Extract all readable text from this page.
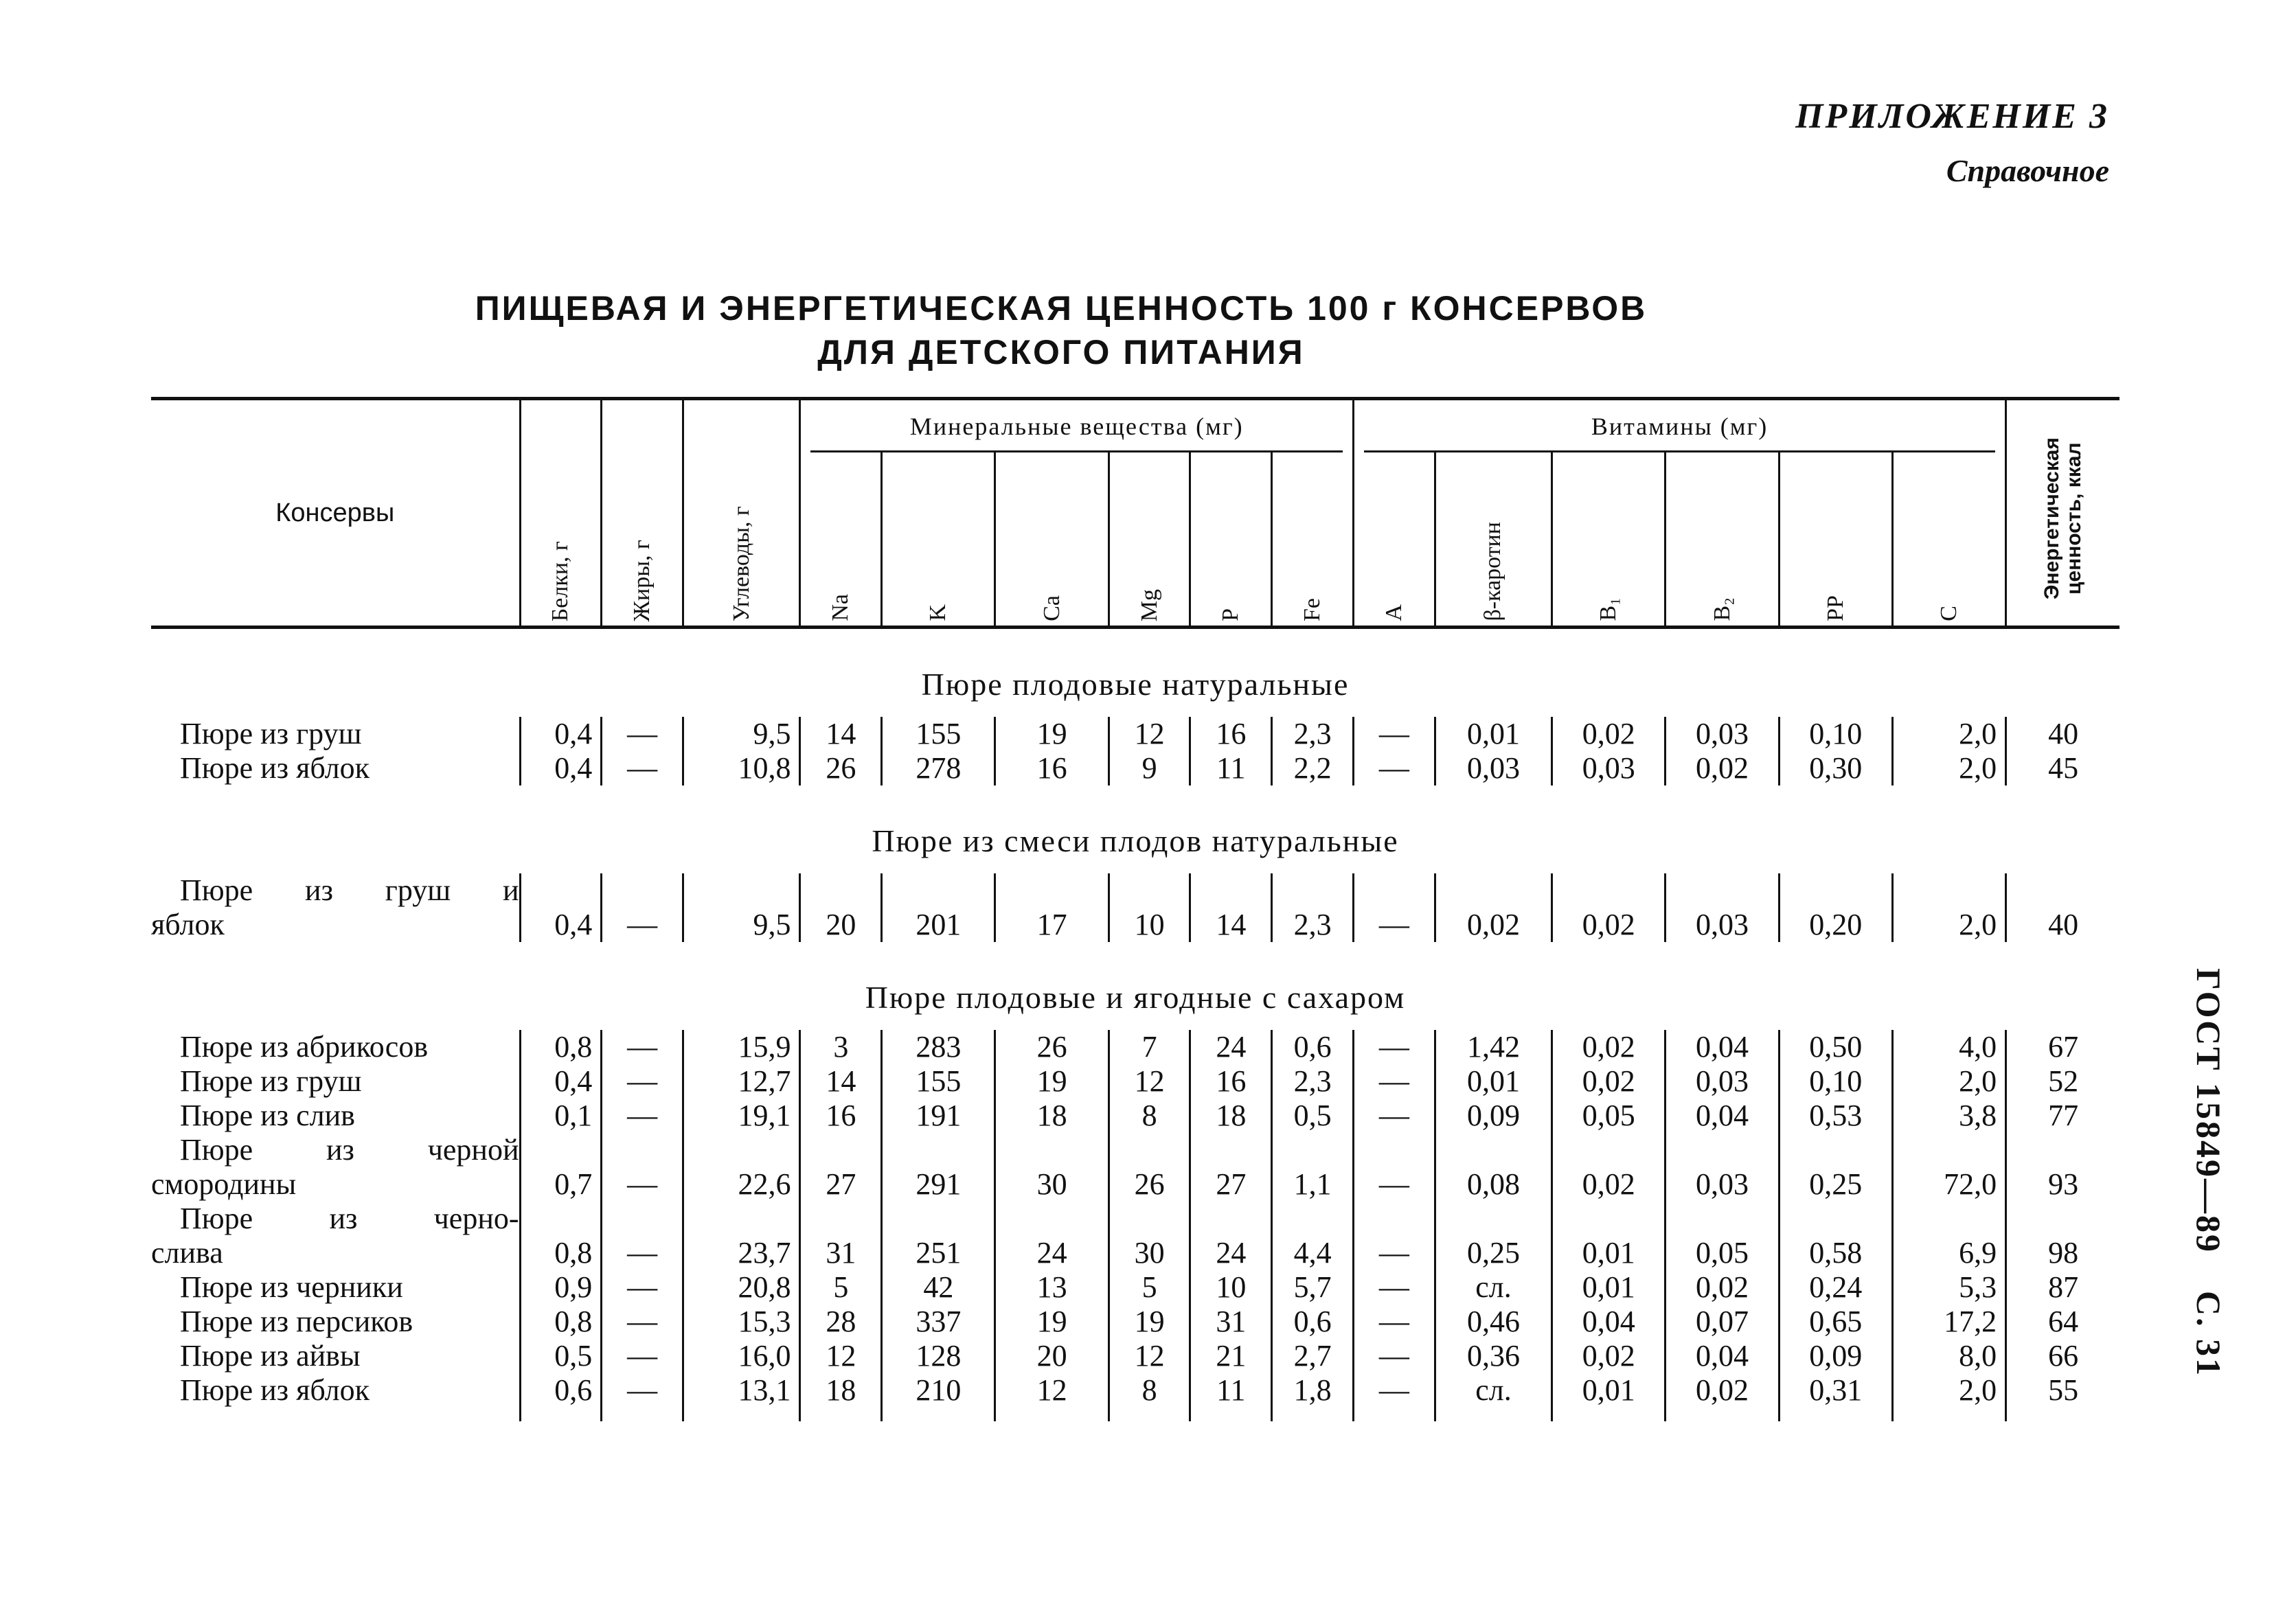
ПРИЛОЖЕНИЕ 3
Справочное
ПИЩЕВАЯ И ЭНЕРГЕТИЧЕСКАЯ ЦЕННОСТЬ 100 г КОНСЕРВОВ
ДЛЯ ДЕТСКОГО ПИТАНИЯ
ГОСТ 15849—89
С. 31
Консервы	Белки, г	Жиры, г	Углеводы, г	Минеральные вещества (мг)						Витамины (мг)						Энергетическая ценность, ккал

				Na	K	Ca	Mg	P	Fe	A	β-каротин	B₁	B₂	PP	C	

Пюре плодовые натуральные																

Пюре из груш	0,4	—	9,5	14	155	19	12	16	2,3	—	0,01	0,02	0,03	0,10	2,0	40

Пюре из яблок	0,4	—	10,8	26	278	16	9	11	2,2	—	0,03	0,03	0,02	0,30	2,0	45
Пюре из смеси плодов натуральные																

Пюре из груш и
яблок	0,4	—	9,5	20	201	17	10	14	2,3	—	0,02	0,02	0,03	0,20	2,0	40
Пюре плодовые и ягодные с сахаром																

Пюре из абрикосов	0,8	—	15,9	3	283	26	7	24	0,6	—	1,42	0,02	0,04	0,50	4,0	67

Пюре из груш	0,4	—	12,7	14	155	19	12	16	2,3	—	0,01	0,02	0,03	0,10	2,0	52

Пюре из слив	0,1	—	19,1	16	191	18	8	18	0,5	—	0,09	0,05	0,04	0,53	3,8	77

Пюре из черной
смородины	0,7	—	22,6	27	291	30	26	27	1,1	—	0,08	0,02	0,03	0,25	72,0	93

Пюре из черно-
слива	0,8	—	23,7	31	251	24	30	24	4,4	—	0,25	0,01	0,05	0,58	6,9	98

Пюре из черники	0,9	—	20,8	5	42	13	5	10	5,7	—	сл.	0,01	0,02	0,24	5,3	87

Пюре из персиков	0,8	—	15,3	28	337	19	19	31	0,6	—	0,46	0,04	0,07	0,65	17,2	64

Пюре из айвы	0,5	—	16,0	12	128	20	12	21	2,7	—	0,36	0,02	0,04	0,09	8,0	66

Пюре из яблок	0,6	—	13,1	18	210	12	8	11	1,8	—	сл.	0,01	0,02	0,31	2,0	55
